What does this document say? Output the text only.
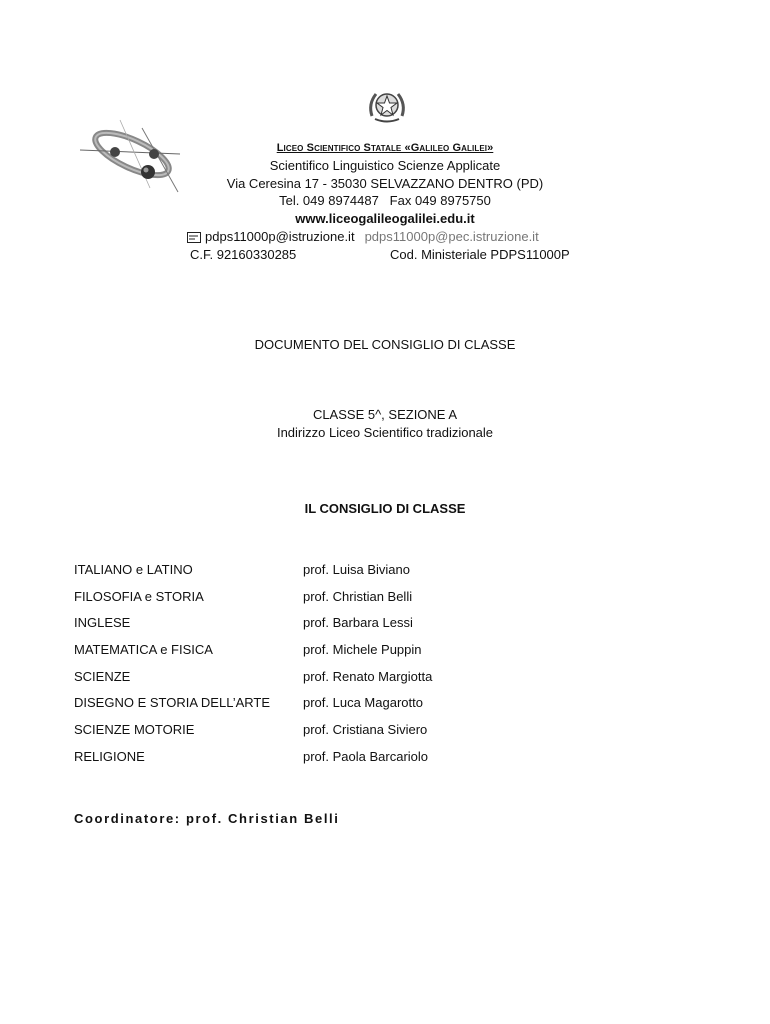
Liceo Scientifico Statale «Galileo Galilei»
Scientifico Linguistico Scienze Applicate
Via Ceresina 17 - 35030 SELVAZZANO DENTRO (PD)
Tel. 049 8974487   Fax 049 8975750
www.liceogalileogalilei.edu.it
pdps11000p@istruzione.it pdps11000p@pec.istruzione.it
C.F. 92160330285	Cod. Ministeriale PDPS11000P
DOCUMENTO DEL CONSIGLIO DI CLASSE
CLASSE 5^, SEZIONE A
Indirizzo Liceo Scientifico tradizionale
IL CONSIGLIO DI CLASSE
ITALIANO e LATINO	prof. Luisa Biviano
FILOSOFIA e STORIA	prof. Christian Belli
INGLESE	prof. Barbara Lessi
MATEMATICA e FISICA	prof. Michele Puppin
SCIENZE	prof. Renato Margiotta
DISEGNO E STORIA DELL’ARTE	prof. Luca Magarotto
SCIENZE MOTORIE	prof. Cristiana Siviero
RELIGIONE	prof. Paola Barcariolo
Coordinatore: prof. Christian Belli
